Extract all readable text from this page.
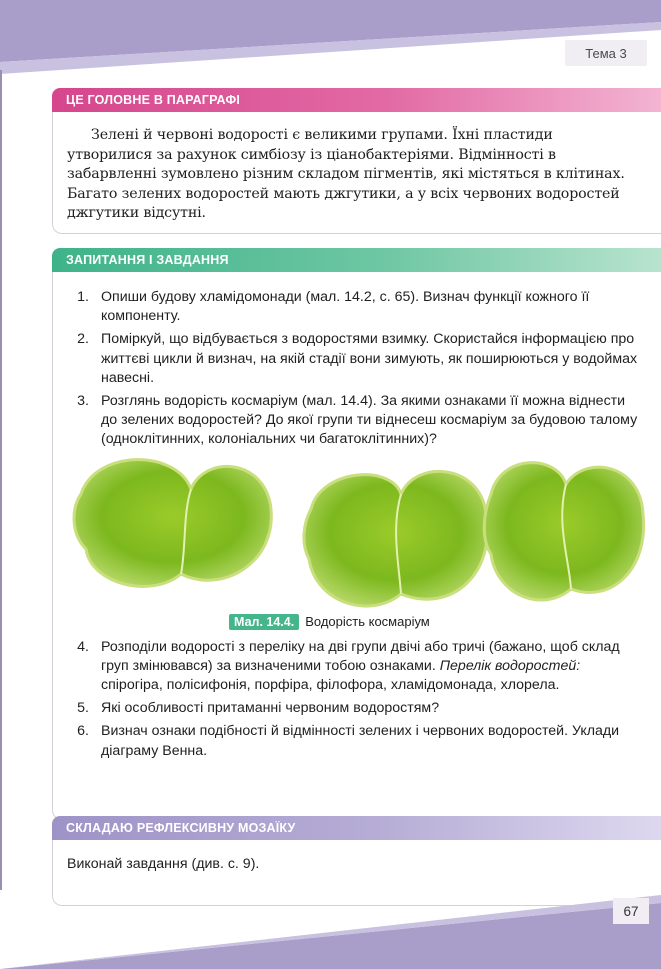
Тема 3
ЦЕ ГОЛОВНЕ В ПАРАГРАФІ

Зелені й червоні водорості є великими групами. Їхні пластиди утворилися за рахунок симбіозу із ціанобактеріями. Відмінності в забарвленні зумовлено різним складом пігментів, які містяться в клітинах. Багато зелених водоростей мають джгутики, а у всіх червоних водоростей джгутики відсутні.

ЗАПИТАННЯ І ЗАВДАННЯ
1. Опиши будову хламідомонади (мал. 14.2, с. 65). Визнач функції кожного її компоненту.
2. Поміркуй, що відбувається з водоростями взимку. Скористайся інформацією про життєві цикли й визнач, на якій стадії вони зимують, як поширюються у водоймах навесні.
3. Розглянь водорість космаріум (мал. 14.4). За якими ознаками її можна віднести до зелених водоростей? До якої групи ти віднесеш космаріум за будовою талому (одноклітинних, колоніальних чи багатоклітинних)?
Мал. 14.4. Водорість космаріум
4. Розподіли водорості з переліку на дві групи двічі або тричі (бажано, щоб склад груп змінювався) за визначеними тобою ознаками. Перелік водоростей: спірогіра, полісифонія, порфіра, філофора, хламідомонада, хлорела.
5. Які особливості притаманні червоним водоростям?
6. Визнач ознаки подібності й відмінності зелених і червоних водоростей. Уклади діаграму Венна.
СКЛАДАЮ РЕФЛЕКСИВНУ МОЗАЇКУ
Виконай завдання (див. с. 9).
67
